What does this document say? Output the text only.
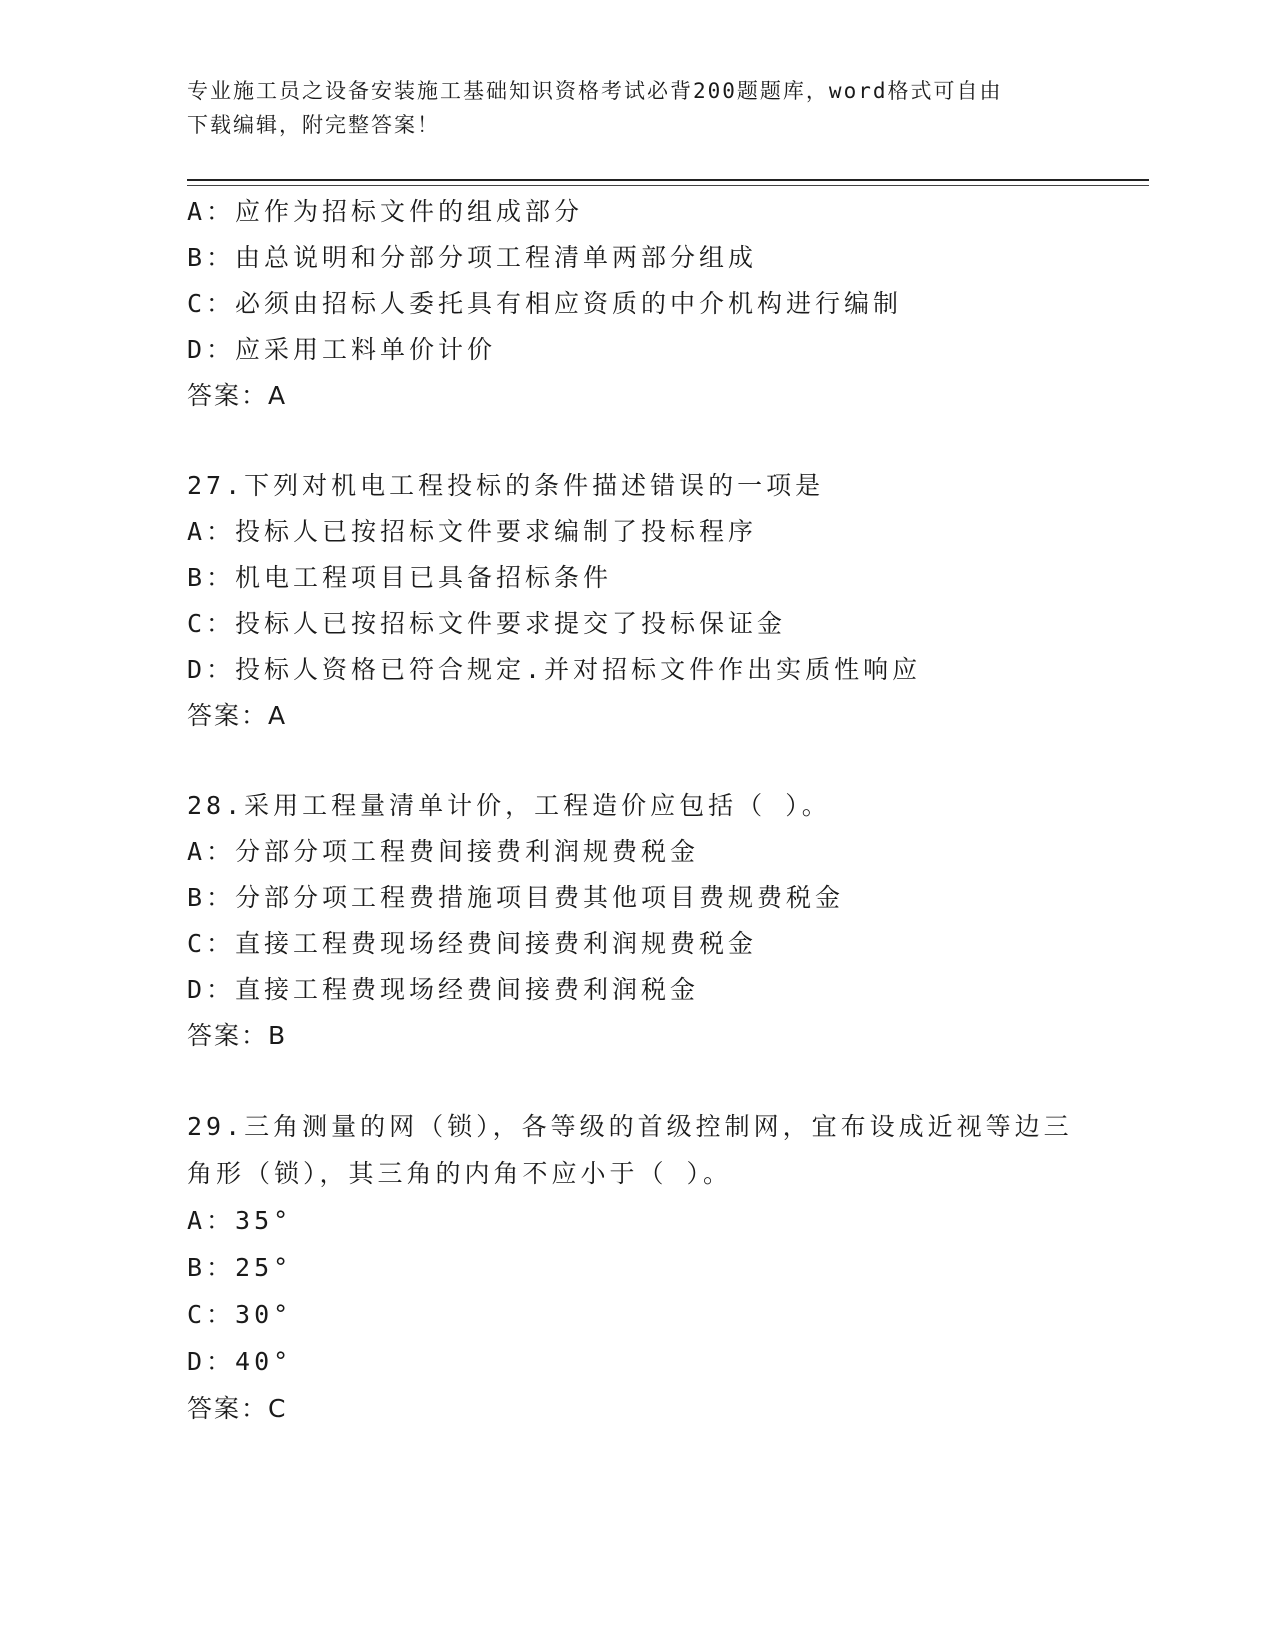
专业施工员之设备安装施工基础知识资格考试必背200题题库，word格式可自由
下载编辑，附完整答案！
A：应作为招标文件的组成部分
B：由总说明和分部分项工程清单两部分组成
C：必须由招标人委托具有相应资质的中介机构进行编制
D：应采用工料单价计价
答案：A
27.下列对机电工程投标的条件描述错误的一项是
A：投标人已按招标文件要求编制了投标程序
B：机电工程项目已具备招标条件
C：投标人已按招标文件要求提交了投标保证金
D：投标人资格已符合规定.并对招标文件作出实质性响应
答案：A
28.采用工程量清单计价，工程造价应包括（ ）。
A：分部分项工程费间接费利润规费税金
B：分部分项工程费措施项目费其他项目费规费税金
C：直接工程费现场经费间接费利润规费税金
D：直接工程费现场经费间接费利润税金
答案：B
29.三角测量的网（锁），各等级的首级控制网，宜布设成近视等边三
角形（锁），其三角的内角不应小于（ ）。
A：35°
B：25°
C：30°
D：40°
答案：C
